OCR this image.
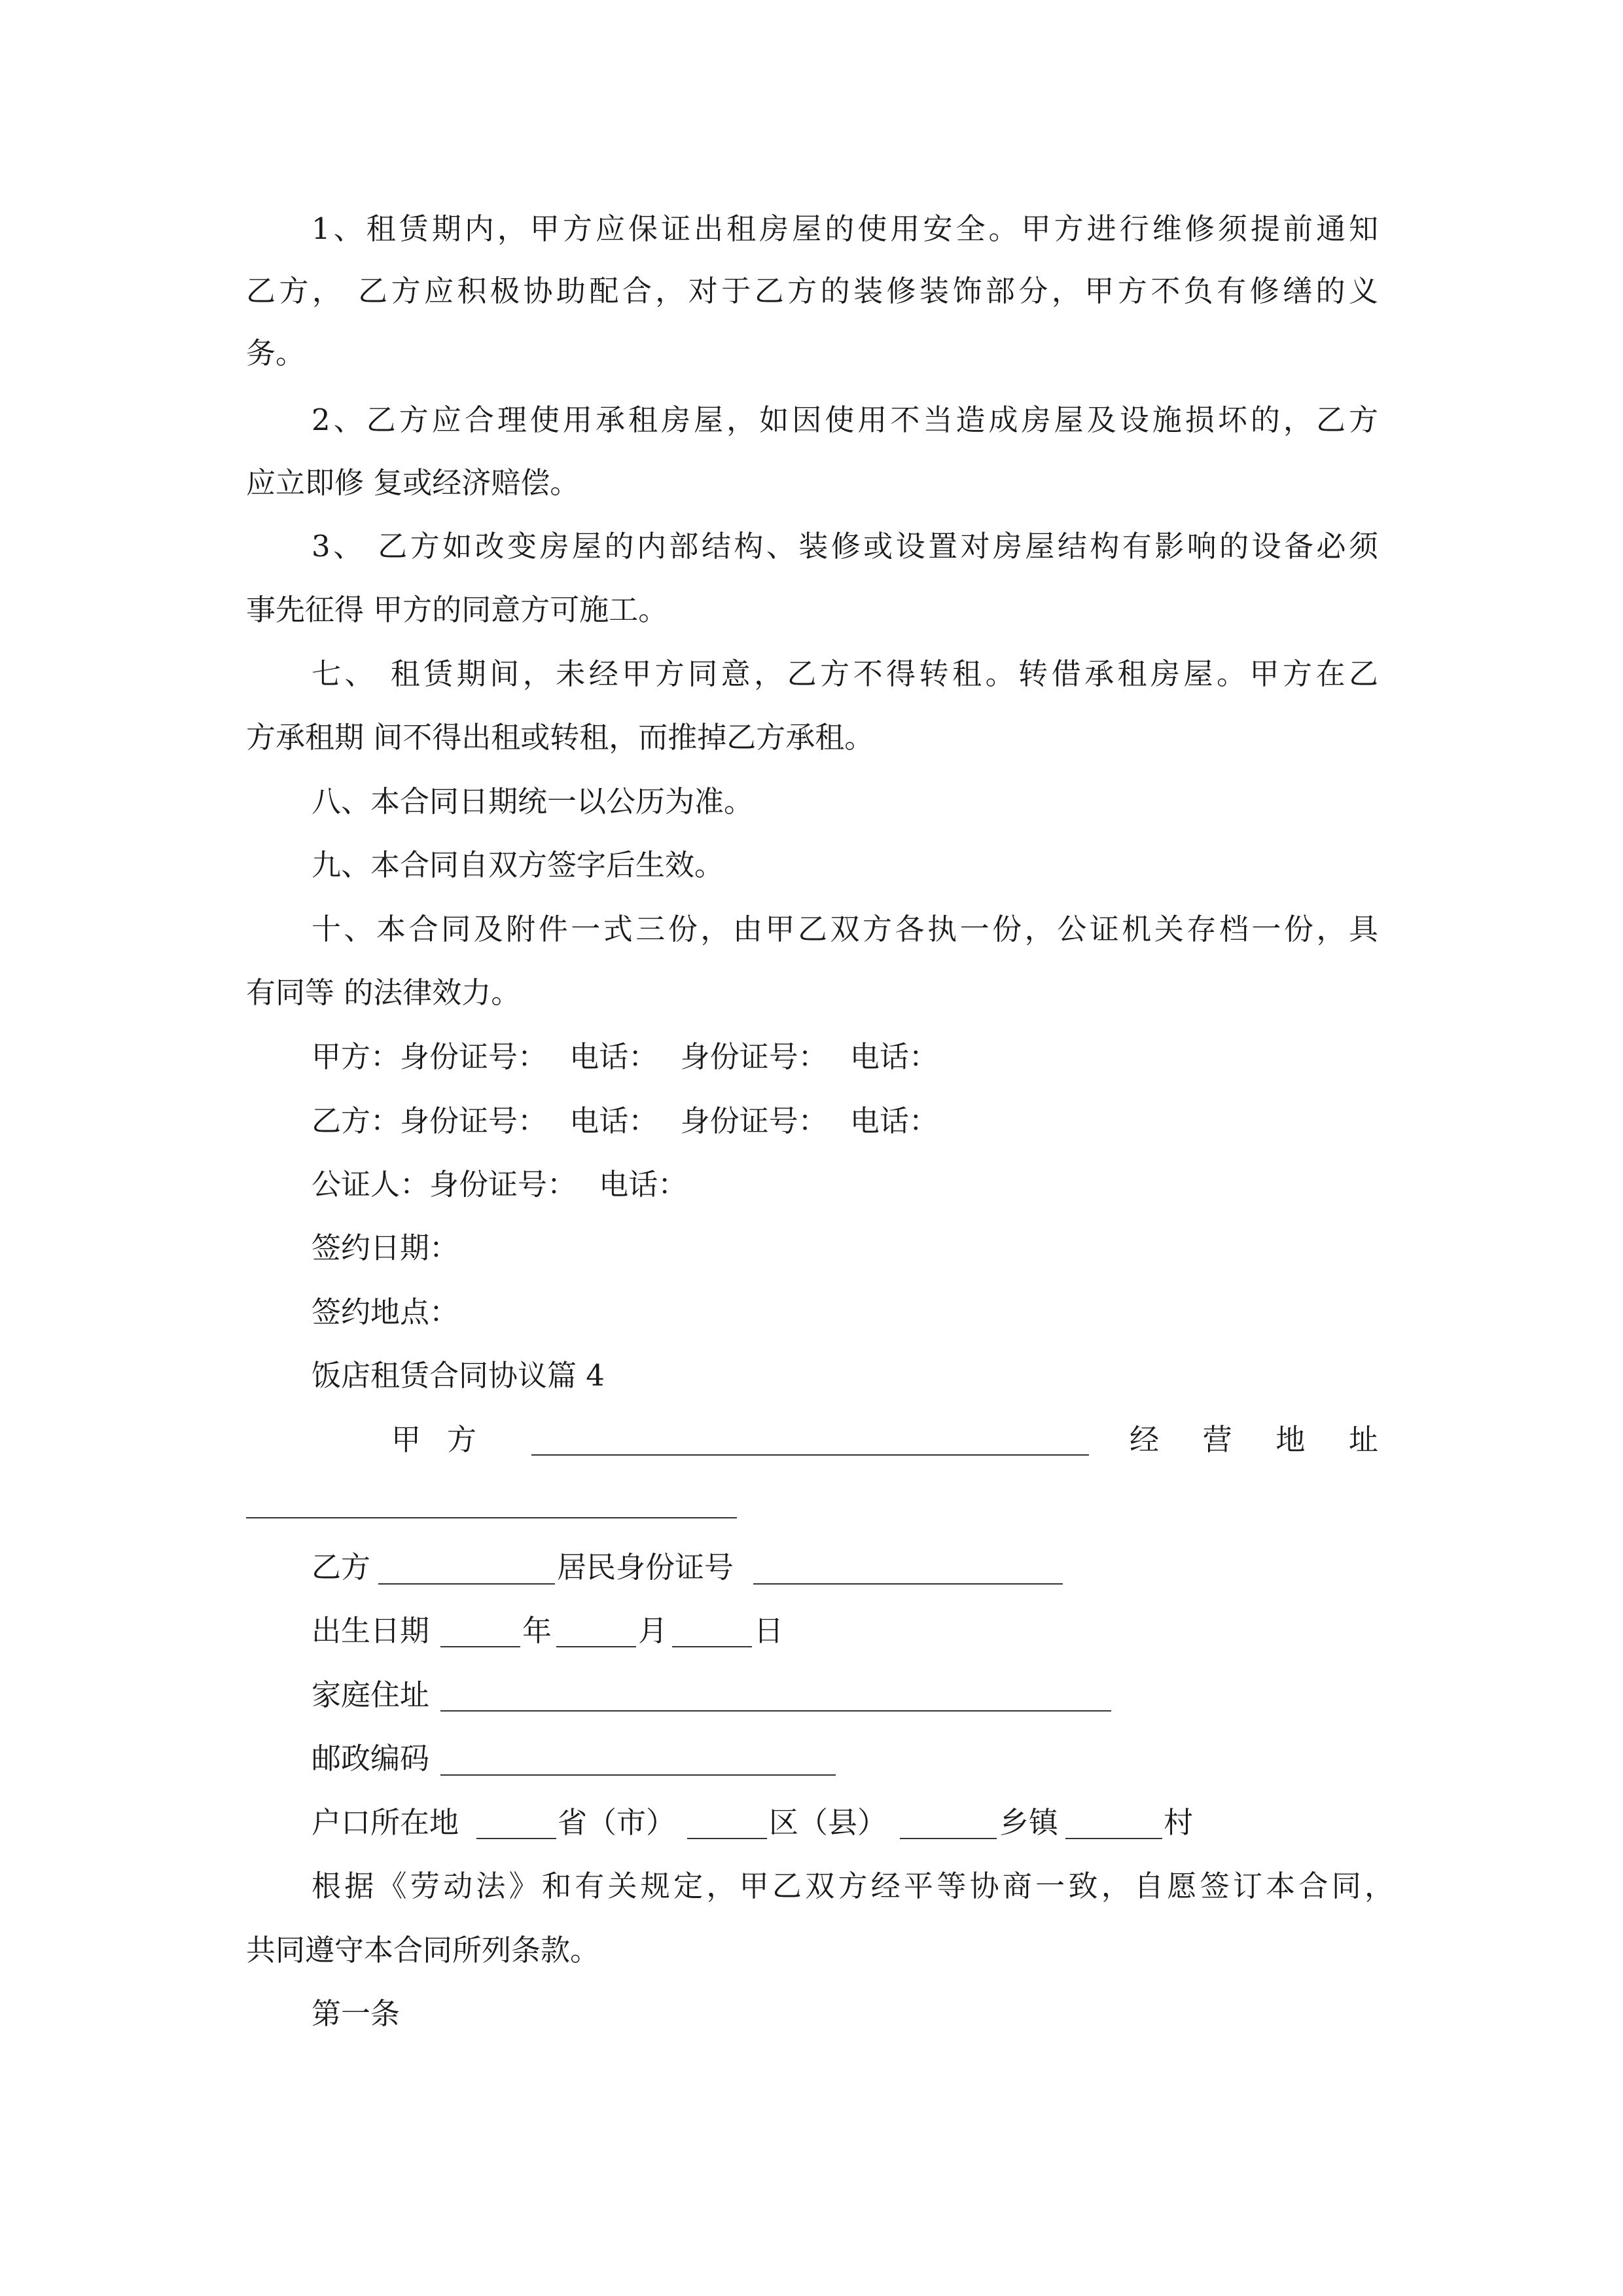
1、租赁期内，甲方应保证出租房屋的使用安全。甲方进行维修须提前通知
乙方， 乙方应积极协助配合，对于乙方的装修装饰部分，甲方不负有修缮的义
务。
2、乙方应合理使用承租房屋，如因使用不当造成房屋及设施损坏的，乙方
应立即修 复或经济赔偿。
3、 乙方如改变房屋的内部结构、装修或设置对房屋结构有影响的设备必须
事先征得 甲方的同意方可施工。
七、 租赁期间，未经甲方同意，乙方不得转租。转借承租房屋。甲方在乙
方承租期 间不得出租或转租，而推掉乙方承租。
八、本合同日期统一以公历为准。
九、本合同自双方签字后生效。
十、本合同及附件一式三份，由甲乙双方各执一份，公证机关存档一份，具
有同等 的法律效力。
甲方：身份证号： 电话： 身份证号： 电话：
乙方：身份证号： 电话： 身份证号： 电话：
公证人：身份证号： 电话：
签约日期：
签约地点：
饭店租赁合同协议篇 4
甲方	经营地址
乙方	居民身份证号
出生日期	年	月	日
家庭住址
邮政编码
户口所在地	省（市）	区（县）	乡镇	村
根据《劳动法》和有关规定，甲乙双方经平等协商一致，自愿签订本合同，
共同遵守本合同所列条款。
第一条
